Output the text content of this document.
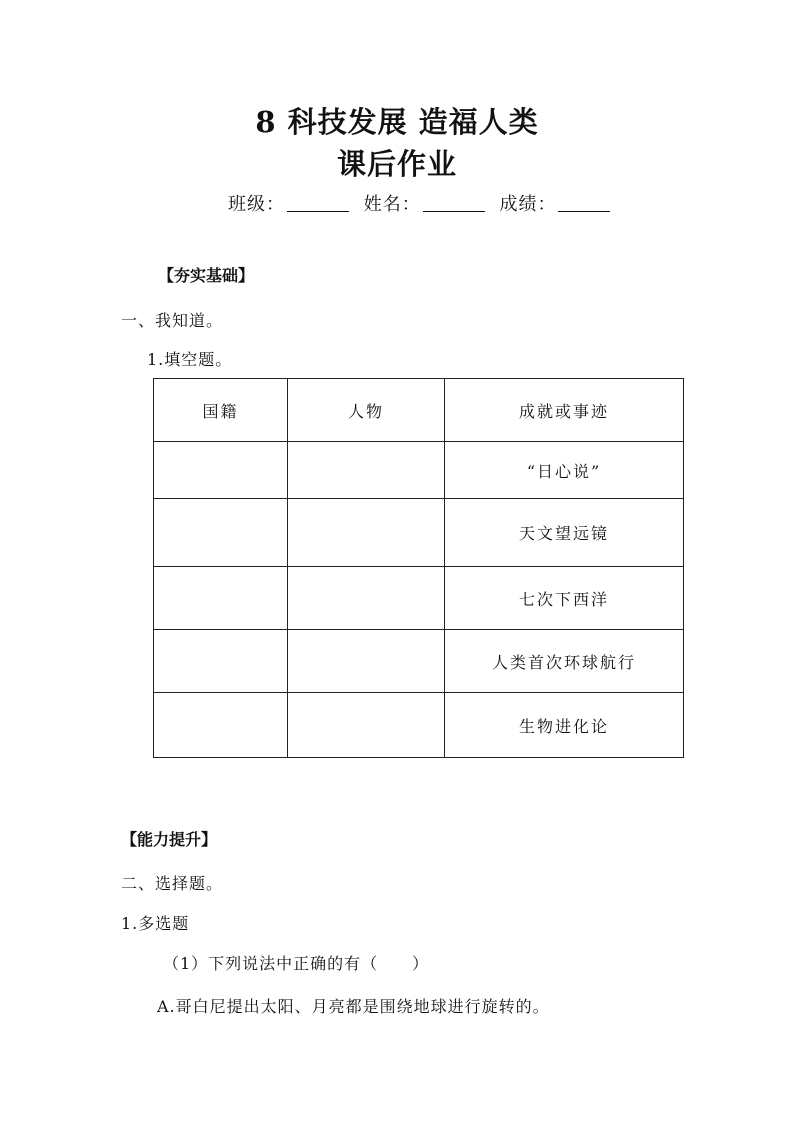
8 科技发展 造福人类
课后作业
班级：	姓名：	成绩：
【夯实基础】
一、我知道。
1.填空题。
国籍	人物	成就或事迹
		“日心说”
		天文望远镜
		七次下西洋
		人类首次环球航行
		生物进化论
【能力提升】
二、选择题。
1.多选题
（1）下列说法中正确的有（　　）
A.哥白尼提出太阳、月亮都是围绕地球进行旋转的。
